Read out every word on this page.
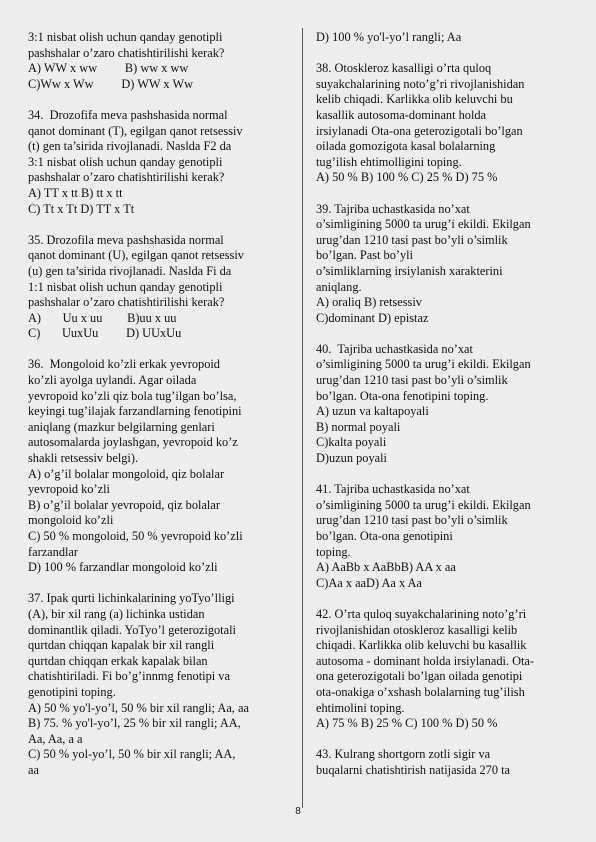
3:1 nisbat olish uchun qanday genotipli
pashshalar o’zaro chatishtirilishi kerak?
A) WW x ww         B) ww x ww
C)Ww x Ww         D) WW x Ww
34.  Drozofifa meva pashshasida normal
qanot dominant (T), egilgan qanot retsessiv
(t) gen ta’sirida rivojlanadi. Naslda F2 da
3:1 nisbat olish uchun qanday genotipli
pashshalar o’zaro chatishtirilishi kerak?
A) TT x tt B) tt x tt
C) Tt x Tt D) TT x Tt
35. Drozofila meva pashshasida normal
qanot dominant (U), egilgan qanot retsessiv
(u) gen ta’sirida rivojlanadi. Naslda Fi da
1:1 nisbat olish uchun qanday genotipli
pashshalar o’zaro chatishtirilishi kerak?
A)       Uu x uu        B)uu x uu
C)       UuxUu         D) UUxUu
36.  Mongoloid ko’zli erkak yevropoid
ko’zli ayolga uylandi. Agar oilada
yevropoid ko’zli qiz bola tug’ilgan bo’lsa,
keyingi tug’ilajak farzandlarning fenotipini
aniqlang (mazkur belgilarning genlari
autosomalarda joylashgan, yevropoid ko’z
shakli retsessiv belgi).
A) o’g’il bolalar mongoloid, qiz bolalar
yevropoid ko’zli
B) o’g’il bolalar yevropoid, qiz bolalar
mongoloid ko’zli
C) 50 % mongoloid, 50 % yevropoid ko’zli
farzandlar
D) 100 % farzandlar mongoloid ko’zli
37. Ipak qurti lichinkalarining yoTyo’lligi
(A), bir xil rang (a) lichinka ustidan
dominantlik qiladi. YoTyo’l geterozigotali
qurtdan chiqqan kapalak bir xil rangli
qurtdan chiqqan erkak kapalak bilan
chatishtiriladi. Fi bo’g’innmg fenotipi va
genotipini toping.
A) 50 % yo'l-yo’l, 50 % bir xil rangli; Aa, aa
B) 75. % yo'l-yo’l, 25 % bir xil rangli; AA,
Aa, Aa, a a
C) 50 % yol-yo’l, 50 % bir xil rangli; AA,
aa
D) 100 % yo'l-yo’l rangli; Aa
38. Otoskleroz kasalligi o’rta quloq
suyakchalarining noto’g’ri rivojlanishidan
kelib chiqadi. Karlikka olib keluvchi bu
kasallik autosoma-dominant holda
irsiylanadi Ota-ona geterozigotali bo’lgan
oilada gomozigota kasal bolalarning
tug’ilish ehtimolligini toping.
A) 50 % B) 100 % C) 25 % D) 75 %
39. Tajriba uchastkasida no’xat
o’simligining 5000 ta urug’i ekildi. Ekilgan
urug’dan 1210 tasi past bo’yli o’simlik
bo’lgan. Past bo’yli
o’simliklarning irsiylanish xarakterini
aniqlang.
A) oraliq B) retsessiv
C)dominant D) epistaz
40.  Tajriba uchastkasida no’xat
o’simligining 5000 ta urug’i ekildi. Ekilgan
urug’dan 1210 tasi past bo’yli o’simlik
bo’lgan. Ota-ona fenotipini toping.
A) uzun va kaltapoyali
B) normal poyali
C)kalta poyali
D)uzun poyali
41. Tajriba uchastkasida no’xat
o’simligining 5000 ta urug’i ekildi. Ekilgan
urug’dan 1210 tasi past bo’yli o’simlik
bo’lgan. Ota-ona genotipini
toping.
A) AaBb x AaBbB) AA x aa
C)Aa x aaD) Aa x Aa
42. O’rta quloq suyakchalarining noto’g’ri
rivojlanishidan otoskleroz kasalligi kelib
chiqadi. Karlikka olib keluvchi bu kasallik
autosoma - dominant holda irsiylanadi. Ota-
ona geterozigotali bo’lgan oilada genotipi
ota-onakiga o’xshash bolalarning tug’ilish
ehtimolini toping.
A) 75 % B) 25 % C) 100 % D) 50 %
43. Kulrang shortgorn zotli sigir va
buqalarni chatishtirish natijasida 270 ta

8
